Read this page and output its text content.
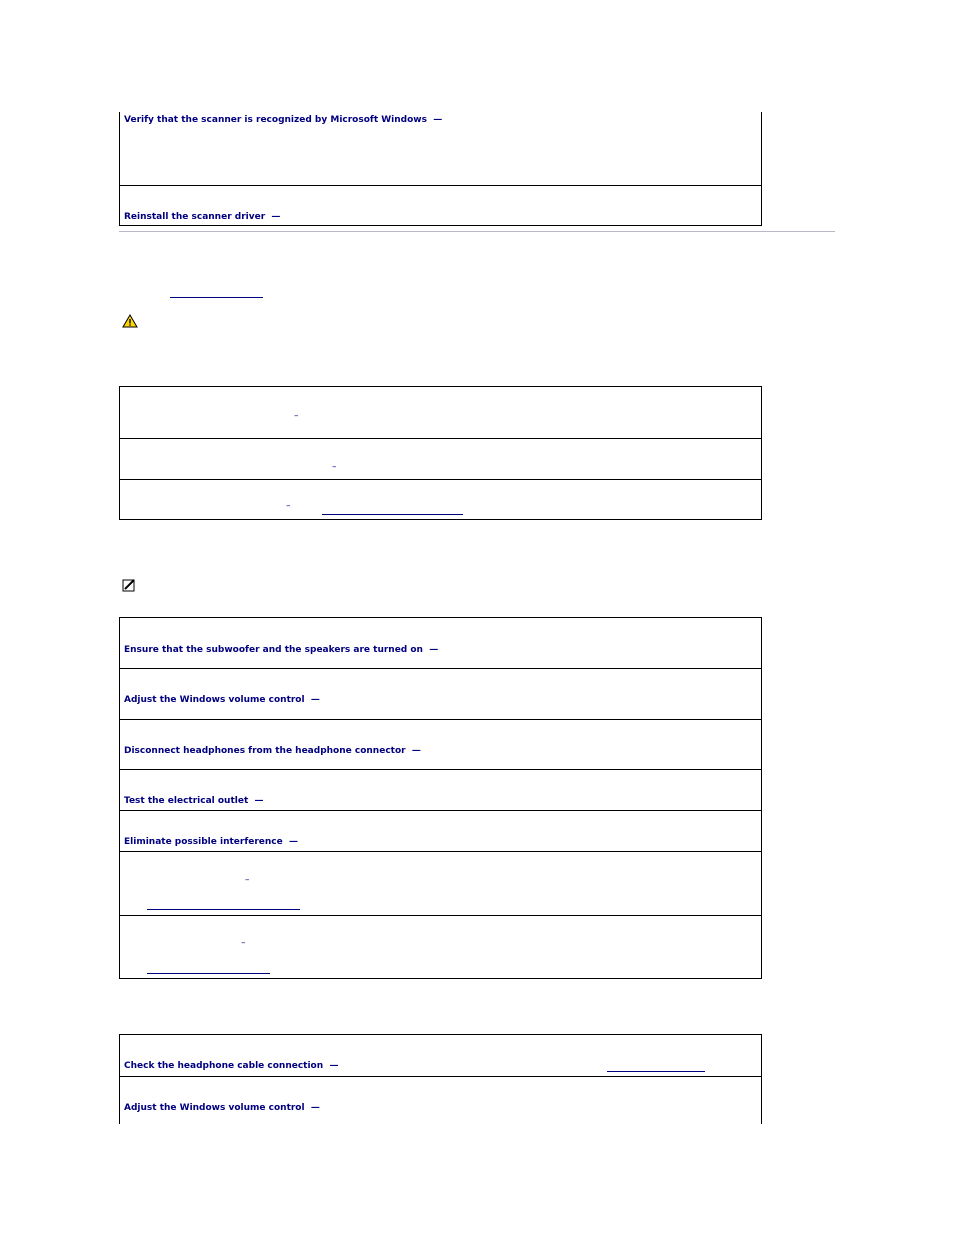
Verify that the scanner is recognized by Microsoft Windows —
Reinstall the scanner driver —
–
–
–
Ensure that the subwoofer and the speakers are turned on —
Adjust the Windows volume control —
Disconnect headphones from the headphone connector —
Test the electrical outlet —
Eliminate possible interference —
–
–
Check the headphone cable connection —
Adjust the Windows volume control —
